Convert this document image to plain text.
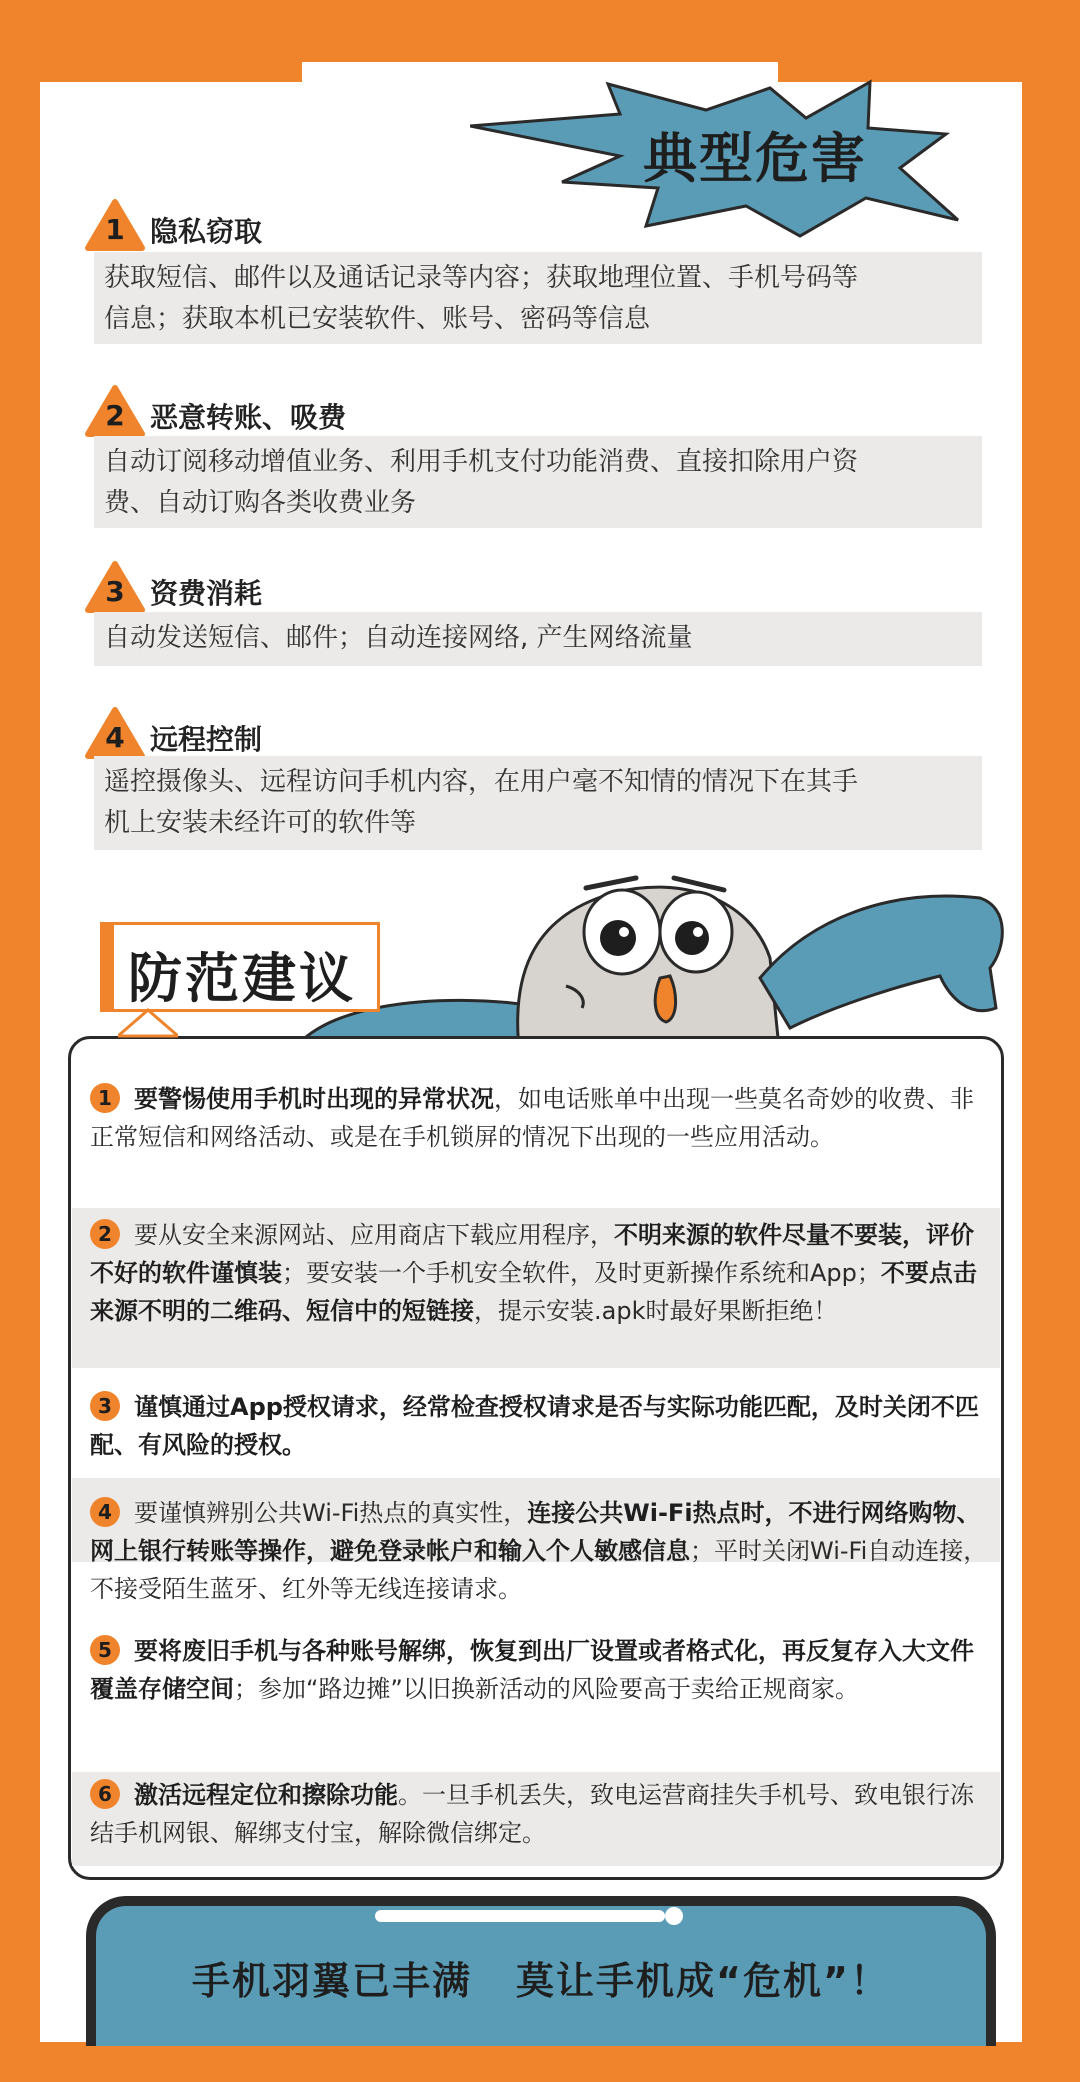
典型危害
1 隐私窃取
获取短信、邮件以及通话记录等内容；获取地理位置、手机号码等
信息；获取本机已安装软件、账号、密码等信息
2 恶意转账、吸费
自动订阅移动增值业务、利用手机支付功能消费、直接扣除用户资
费、自动订购各类收费业务
3 资费消耗
自动发送短信、邮件；自动连接网络, 产生网络流量
4 远程控制
遥控摄像头、远程访问手机内容，在用户毫不知情的情况下在其手
机上安装未经许可的软件等
防范建议
1 要警惕使用手机时出现的异常状况，如电话账单中出现一些莫名奇妙的收费、非正常短信和网络活动、或是在手机锁屏的情况下出现的一些应用活动。
2 要从安全来源网站、应用商店下载应用程序，不明来源的软件尽量不要装，评价不好的软件谨慎装；要安装一个手机安全软件，及时更新操作系统和App；不要点击来源不明的二维码、短信中的短链接，提示安装.apk时最好果断拒绝！
3 谨慎通过App授权请求，经常检查授权请求是否与实际功能匹配，及时关闭不匹配、有风险的授权。
4 要谨慎辨别公共Wi-Fi热点的真实性，连接公共Wi-Fi热点时，不进行网络购物、网上银行转账等操作，避免登录帐户和输入个人敏感信息；平时关闭Wi-Fi自动连接，不接受陌生蓝牙、红外等无线连接请求。
5 要将废旧手机与各种账号解绑，恢复到出厂设置或者格式化，再反复存入大文件覆盖存储空间；参加“路边摊”以旧换新活动的风险要高于卖给正规商家。
6 激活远程定位和擦除功能。一旦手机丢失，致电运营商挂失手机号、致电银行冻结手机网银、解绑支付宝，解除微信绑定。
手机羽翼已丰满 莫让手机成“危机”！
